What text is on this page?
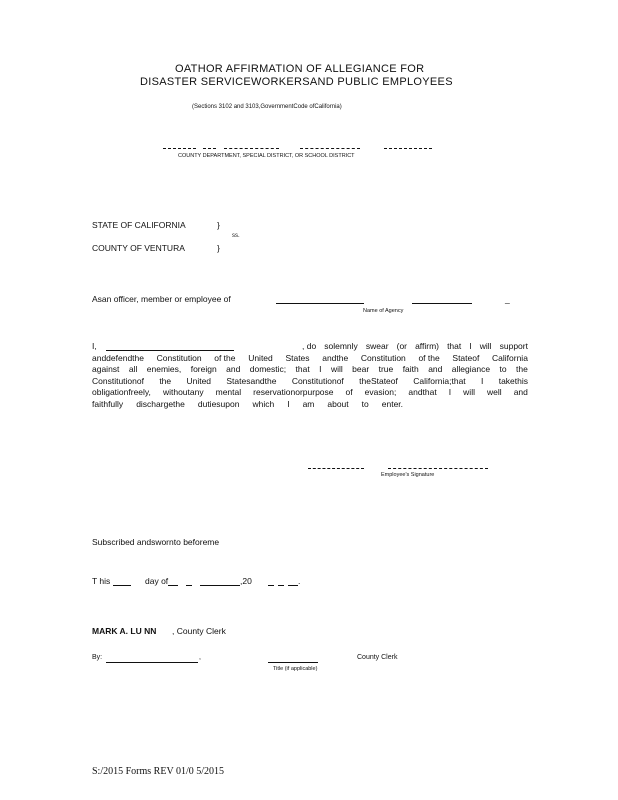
OATHOR AFFIRMATION OF ALLEGIANCE FOR
DISASTER SERVICEWORKERSAND PUBLIC EMPLOYEES
(Sections 3102 and 3103,GovernmentCode ofCalifornia)
COUNTY DEPARTMENT, SPECIAL DISTRICT, OR SCHOOL DISTRICT
STATE OF CALIFORNIA	}
ss.
COUNTY OF VENTURA	}
Asan officer, member or employee of	_
Name of Agency
I,	, do solemnly swear (or affirm) that I will support
anddefendthe Constitution of the United States andthe Constitution of the Stateof California
against all enemies, foreign and domestic; that I will bear true faith and allegiance to the
Constitutionof the United Statesandthe Constitutionof theStateof California;that I takethis
obligationfreely, withoutany mental reservationorpurpose of evasion; andthat I will well and
faithfully dischargethe dutiesupon which I am about to enter.
Employee's Signature
Subscribed andswornto beforeme
T his	day of	,20	.
MARK A. LU NN , County Clerk
By:	,	County Clerk
Title (if applicable)
S:/2015 Forms REV 01/0 5/2015
